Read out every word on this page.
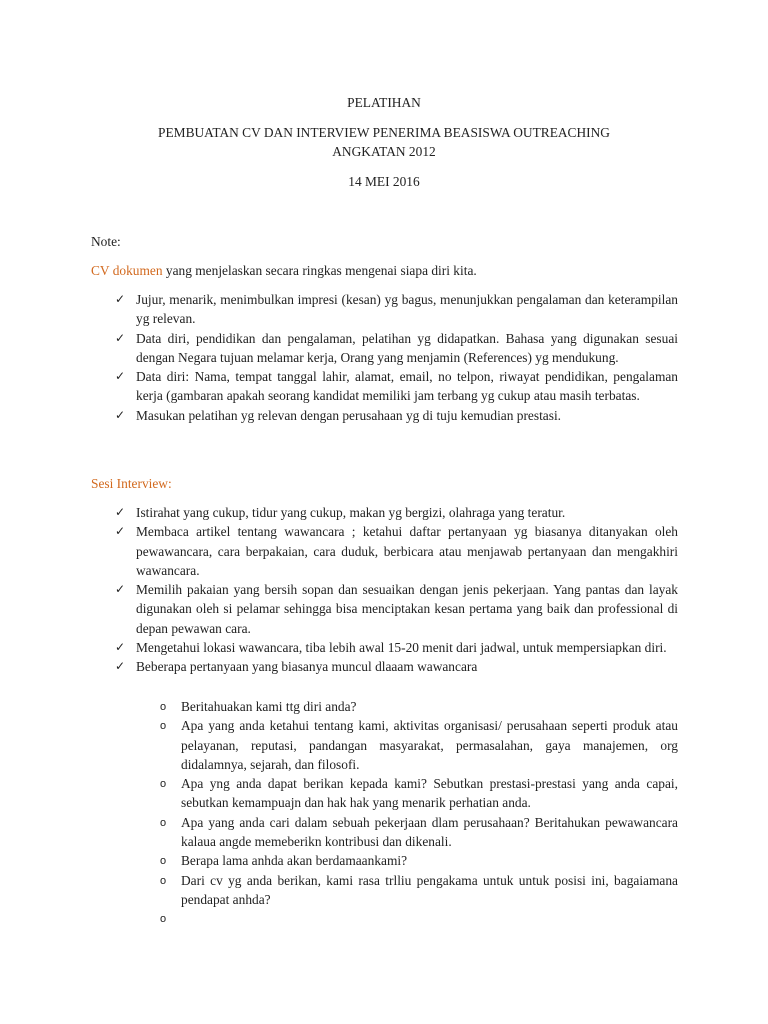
PELATIHAN
PEMBUATAN CV DAN INTERVIEW PENERIMA BEASISWA OUTREACHING
ANGKATAN 2012
14 MEI 2016
Note:
CV dokumen yang menjelaskan secara ringkas mengenai siapa diri kita.
✓ Jujur, menarik, menimbulkan impresi (kesan) yg bagus, menunjukkan pengalaman dan keterampilan yg relevan.
✓ Data diri, pendidikan dan pengalaman, pelatihan yg didapatkan. Bahasa yang digunakan sesuai dengan Negara tujuan melamar kerja, Orang yang menjamin (References) yg mendukung.
✓ Data diri: Nama, tempat tanggal lahir, alamat, email, no telpon, riwayat pendidikan, pengalaman kerja (gambaran apakah seorang kandidat memiliki jam terbang yg cukup atau masih terbatas.
✓ Masukan pelatihan yg relevan dengan perusahaan yg di tuju kemudian prestasi.
Sesi Interview:
✓ Istirahat yang cukup, tidur yang cukup, makan yg bergizi, olahraga yang teratur.
✓ Membaca artikel tentang wawancara ; ketahui daftar pertanyaan yg biasanya ditanyakan oleh pewawancara, cara berpakaian, cara duduk, berbicara atau menjawab pertanyaan dan mengakhiri wawancara.
✓ Memilih pakaian yang bersih sopan dan sesuaikan dengan jenis pekerjaan. Yang pantas dan layak digunakan oleh si pelamar sehingga bisa menciptakan kesan pertama yang baik dan professional di depan pewawan cara.
✓ Mengetahui lokasi wawancara, tiba lebih awal 15-20 menit dari jadwal, untuk mempersiapkan diri.
✓ Beberapa pertanyaan yang biasanya muncul dlaaam wawancara
o Beritahuakan kami ttg diri anda?
o Apa yang anda ketahui tentang kami, aktivitas organisasi/ perusahaan seperti produk atau pelayanan, reputasi, pandangan masyarakat, permasalahan, gaya manajemen, org didalamnya, sejarah, dan filosofi.
o Apa yng anda dapat berikan kepada kami? Sebutkan prestasi-prestasi yang anda capai, sebutkan kemampuajn dan hak hak yang menarik perhatian anda.
o Apa yang anda cari dalam sebuah pekerjaan dlam perusahaan? Beritahukan pewawancara kalaua angde memeberikn kontribusi dan dikenali.
o Berapa lama anhda akan berdamaankami?
o Dari cv yg anda berikan, kami rasa trlliu pengakama untuk untuk posisi ini, bagaiamana pendapat anhda?
o
